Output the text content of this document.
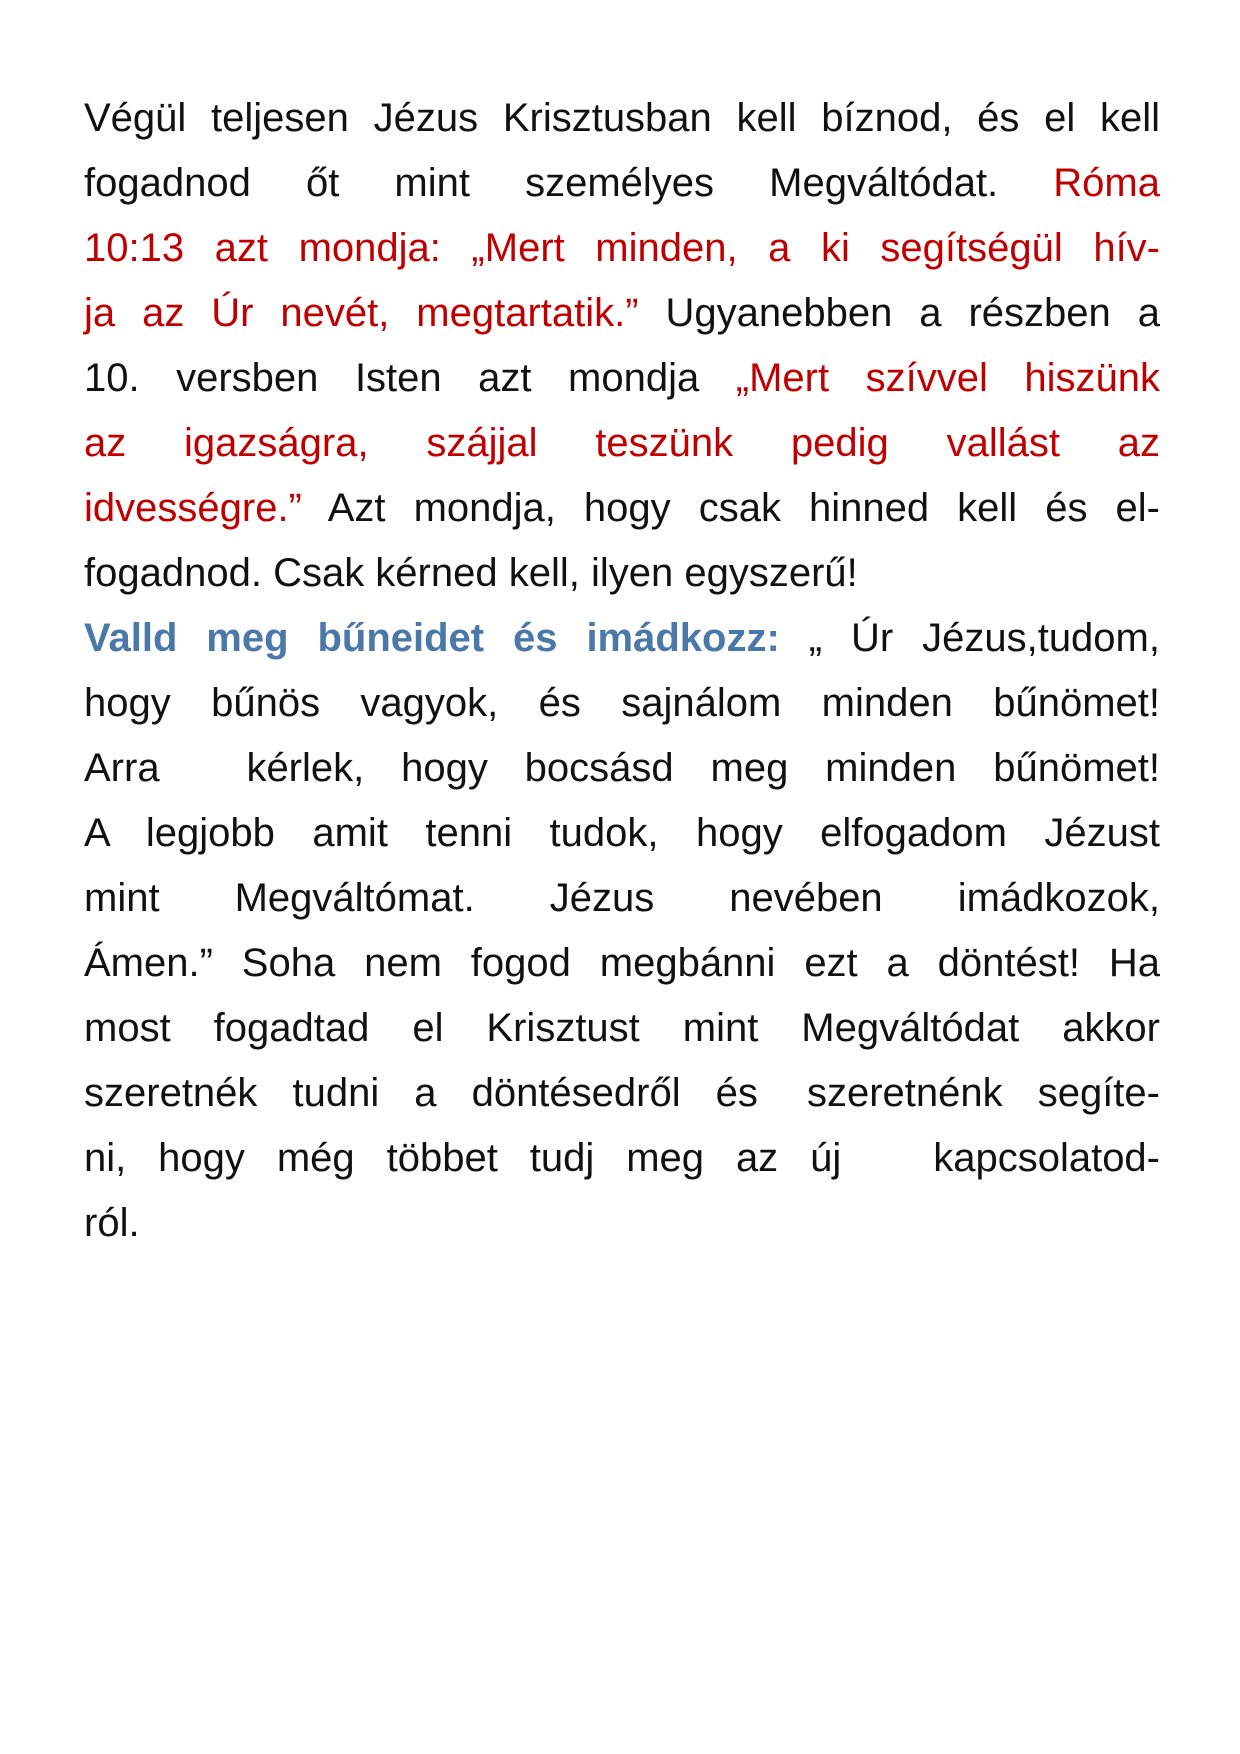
Végül teljesen Jézus Krisztusban kell bíznod, és el kell
fogadnod őt mint személyes Megváltódat. Róma
10:13 azt mondja: „Mert minden, a ki segítségül hív-
ja az Úr nevét, megtartatik.” Ugyanebben a részben a
10. versben Isten azt mondja „Mert szívvel hiszünk
az igazságra, szájjal teszünk pedig vallást az
idvességre.” Azt mondja, hogy csak hinned kell és el-
fogadnod. Csak kérned kell, ilyen egyszerű!
Valld meg bűneidet és imádkozz: „ Úr Jézus,tudom,
hogy bűnös vagyok, és sajnálom minden bűnömet!
Arra kérlek, hogy bocsásd meg minden bűnömet!
A legjobb amit tenni tudok, hogy elfogadom Jézust
mint Megváltómat. Jézus nevében imádkozok,
Ámen.” Soha nem fogod megbánni ezt a döntést! Ha
most fogadtad el Krisztust mint Megváltódat akkor
szeretnék tudni a döntésedről és szeretnénk segíte-
ni, hogy még többet tudj meg az új kapcsolatod-
ról.
